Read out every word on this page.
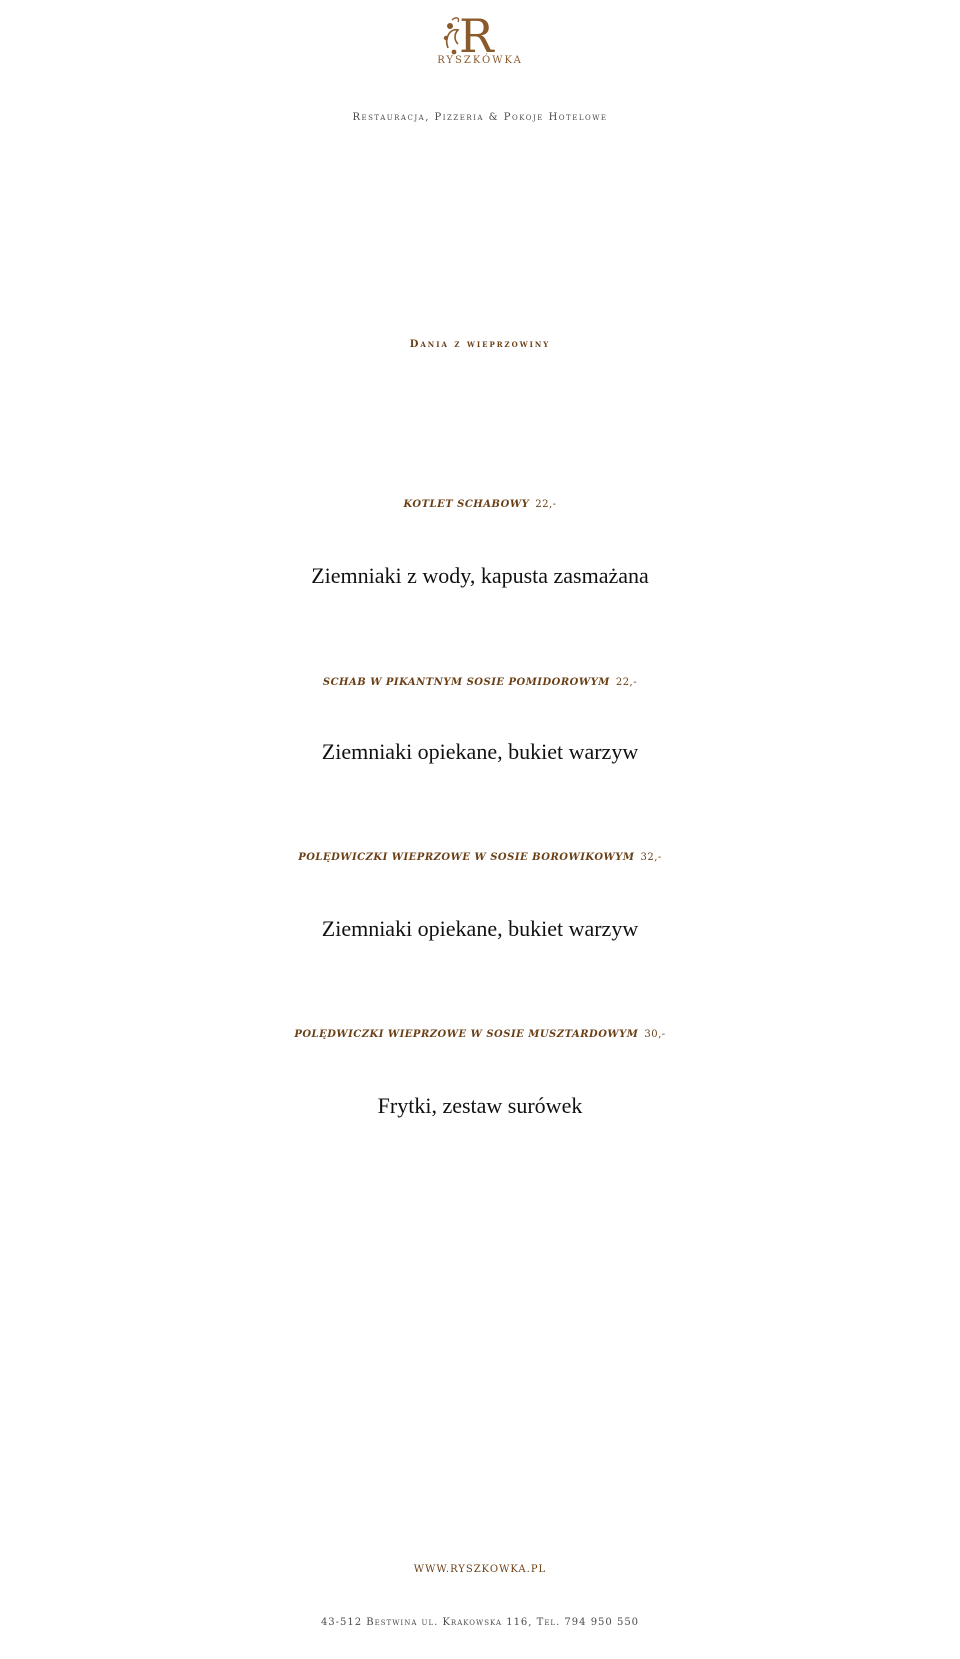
R
RYSZKÓWKA
Restauracja, Pizzeria & Pokoje Hotelowe
Dania z wieprzowiny
KOTLET SCHABOWY 22,-
Ziemniaki z wody, kapusta zasmażana
SCHAB W PIKANTNYM SOSIE POMIDOROWYM 22,-
Ziemniaki opiekane, bukiet warzyw
POLĘDWICZKI WIEPRZOWE W SOSIE BOROWIKOWYM 32,-
Ziemniaki opiekane, bukiet warzyw
POLĘDWICZKI WIEPRZOWE W SOSIE MUSZTARDOWYM 30,-
Frytki, zestaw surówek
WWW.RYSZKOWKA.PL
43-512 Bestwina ul. Krakowska 116, Tel. 794 950 550
